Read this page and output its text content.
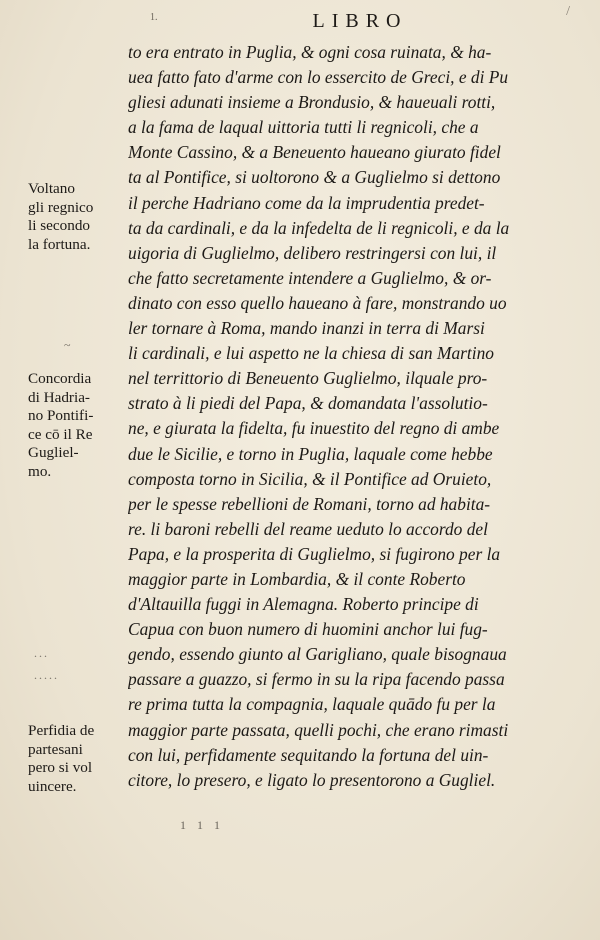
1.	LIBRO	/
to era entrato in Puglia, & ogni cosa ruinata, & ha-
uea fatto fato d'arme con lo essercito de Greci, e di Pu
gliesi adunati insieme a Brondusio, & haueuali rotti,
a la fama de laqual uittoria tutti li regnicoli, che a
Monte Cassino, & a Beneuento haueano giurato fidel
ta al Pontifice, si uoltorono & a Guglielmo si dettono
il perche Hadriano come da la imprudentia predet-
ta da cardinali, e da la infedelta de li regnicoli, e da la
uigoria di Guglielmo, delibero restringersi con lui, il
che fatto secretamente intendere a Guglielmo, & or-
dinato con esso quello haueano à fare, monstrando uo
ler tornare à Roma, mando inanzi in terra di Marsi
li cardinali, e lui aspetto ne la chiesa di san Martino
nel territtorio di Beneuento Guglielmo, ilquale pro-
strato à li piedi del Papa, & domandata l'assolutio-
ne, e giurata la fidelta, fu inuestito del regno di ambe
due le Sicilie, e torno in Puglia, laquale come hebbe
composta torno in Sicilia, & il Pontifice ad Oruieto,
per le spesse rebellioni de Romani, torno ad habita-
re. li baroni rebelli del reame ueduto lo accordo del
Papa, e la prosperita di Guglielmo, si fugirono per la
maggior parte in Lombardia, & il conte Roberto
d'Altauilla fuggi in Alemagna. Roberto principe di
Capua con buon numero di huomini anchor lui fug-
gendo, essendo giunto al Garigliano, quale bisognaua
passare a guazzo, si fermo in su la ripa facendo passa
re prima tutta la compagnia, laquale quādo fu per la
maggior parte passata, quelli pochi, che erano rimasti
con lui, perfidamente sequitando la fortuna del uin-
citore, lo presero, e ligato lo presentorono a Gugliel.
Voltano
gli regnico
li secondo
la fortuna.
~
Concordia
di Hadria-
no Pontifi-
ce cō il Re
Gugliel-
mo.
...
.....
Perfidia de
partesani
pero si vol
uincere.
1 1 1
